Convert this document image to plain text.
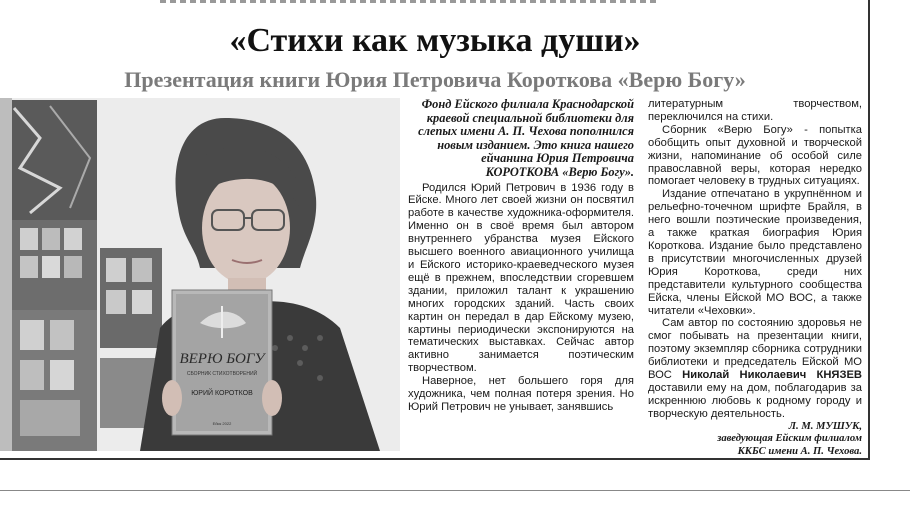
«Стихи как музыка души»
Презентация книги Юрия Петровича Короткова «Верю Богу»
ВЕРЮ БОГУ
СБОРНИК СТИХОТВОРЕНИЙ
ЮРИЙ КОРОТКОВ
Ейск 2022

Фонд Ейского филиала Краснодарской краевой специальной библиотеки для слепых имени А. П. Чехова пополнился новым изданием. Это книга нашего ейчанина Юрия Петровича КОРОТКОВА «Верю Богу».

Родился Юрий Петрович в 1936 году в Ейске. Много лет своей жизни он посвятил работе в качестве художника-оформителя. Именно он в своё время был автором внутреннего убранства музея Ейского высшего военного авиационного училища и Ейского историко-краеведческого музея ещё в прежнем, впоследствии сгоревшем здании, приложил талант к украшению многих городских зданий. Часть своих картин он передал в дар Ейскому музею, картины периодически экспонируются на тематических выставках. Сейчас автор активно занимается поэтическим творчеством.

Наверное, нет большего горя для художника, чем полная потеря зрения. Но Юрий Петрович не унывает, занявшись

литературным творчеством, переключился на стихи.

Сборник «Верю Богу» - попытка обобщить опыт духовной и творческой жизни, напоминание об особой силе православной веры, которая нередко помогает человеку в трудных ситуациях.

Издание отпечатано в укрупнённом и рельефно-точечном шрифте Брайля, в него вошли поэтические произведения, а также краткая биография Юрия Короткова. Издание было представлено в присутствии многочисленных друзей Юрия Короткова, среди них представители культурного сообщества Ейска, члены Ейской МО ВОС, а также читатели «Чеховки».

Сам автор по состоянию здоровья не смог побывать на презентации книги, поэтому экземпляр сборника сотрудники библиотеки и председатель Ейской МО ВОС Николай Николаевич КНЯЗЕВ доставили ему на дом, поблагодарив за искреннюю любовь к родному городу и творческую деятельность.

Л. М. МУШУК,

заведующая Ейским филиалом

ККБС имени А. П. Чехова.
